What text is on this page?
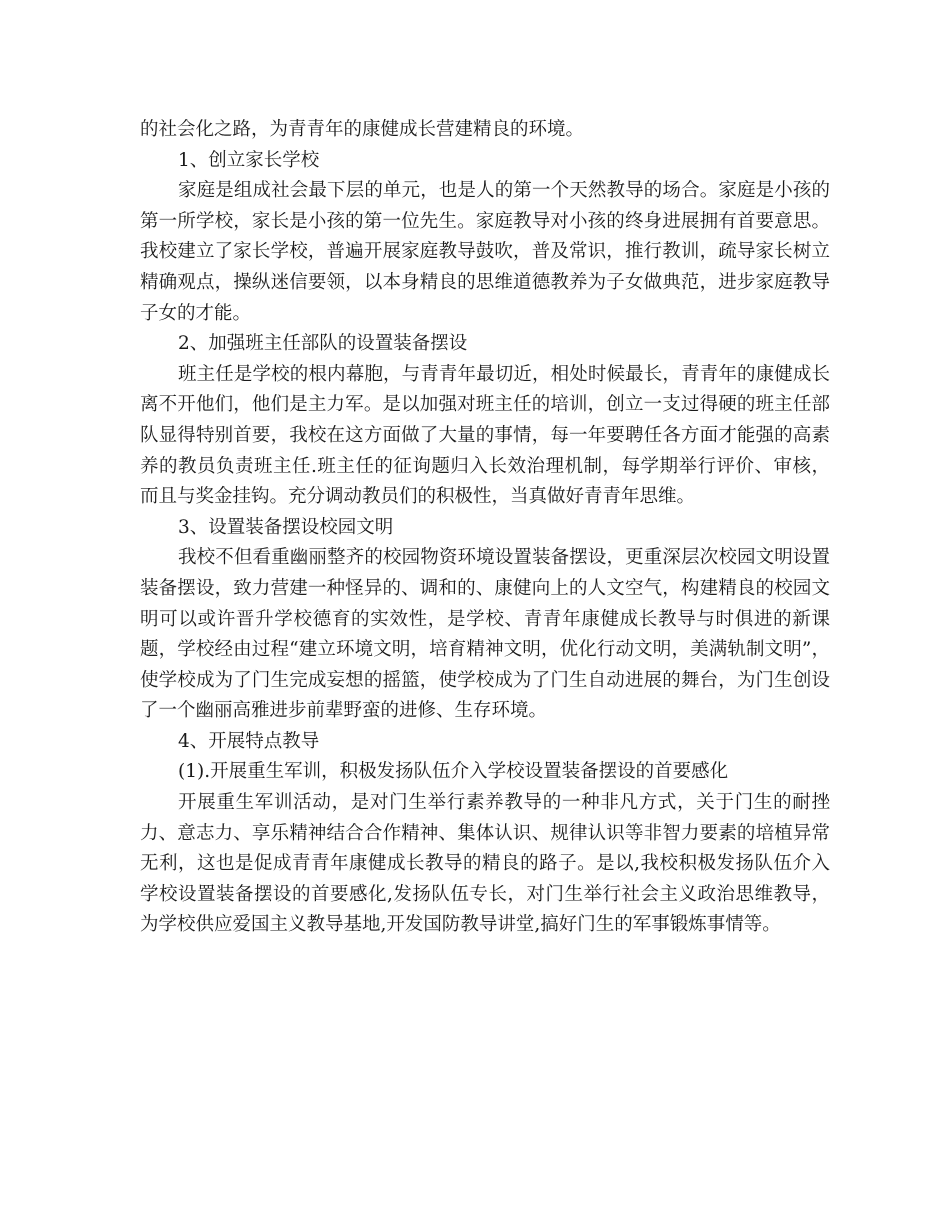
的社会化之路，为青青年的康健成长营建精良的环境。

1、创立家长学校

家庭是组成社会最下层的单元，也是人的第一个天然教导的场合。家庭是小孩的第一所学校，家长是小孩的第一位先生。家庭教导对小孩的终身进展拥有首要意思。我校建立了家长学校，普遍开展家庭教导鼓吹，普及常识，推行教训，疏导家长树立精确观点，操纵迷信要领，以本身精良的思维道德教养为子女做典范，进步家庭教导子女的才能。

2、加强班主任部队的设置装备摆设

班主任是学校的根内幕胞，与青青年最切近，相处时候最长，青青年的康健成长离不开他们，他们是主力军。是以加强对班主任的培训，创立一支过得硬的班主任部队显得特别首要，我校在这方面做了大量的事情，每一年要聘任各方面才能强的高素养的教员负责班主任.班主任的征询题归入长效治理机制，每学期举行评价、审核，而且与奖金挂钩。充分调动教员们的积极性，当真做好青青年思维。

3、设置装备摆设校园文明

我校不但看重幽丽整齐的校园物资环境设置装备摆设，更重深层次校园文明设置装备摆设，致力营建一种怪异的、调和的、康健向上的人文空气，构建精良的校园文明可以或许晋升学校德育的实效性，是学校、青青年康健成长教导与时俱进的新课题，学校经由过程“建立环境文明，培育精神文明，优化行动文明，美满轨制文明”，使学校成为了门生完成妄想的摇篮，使学校成为了门生自动进展的舞台，为门生创设了一个幽丽高雅进步前辈野蛮的进修、生存环境。

4、开展特点教导

(1).开展重生军训，积极发扬队伍介入学校设置装备摆设的首要感化

开展重生军训活动，是对门生举行素养教导的一种非凡方式，关于门生的耐挫力、意志力、享乐精神结合合作精神、集体认识、规律认识等非智力要素的培植异常无利，这也是促成青青年康健成长教导的精良的路子。是以,我校积极发扬队伍介入学校设置装备摆设的首要感化,发扬队伍专长，对门生举行社会主义政治思维教导，为学校供应爱国主义教导基地,开发国防教导讲堂,搞好门生的军事锻炼事情等。
